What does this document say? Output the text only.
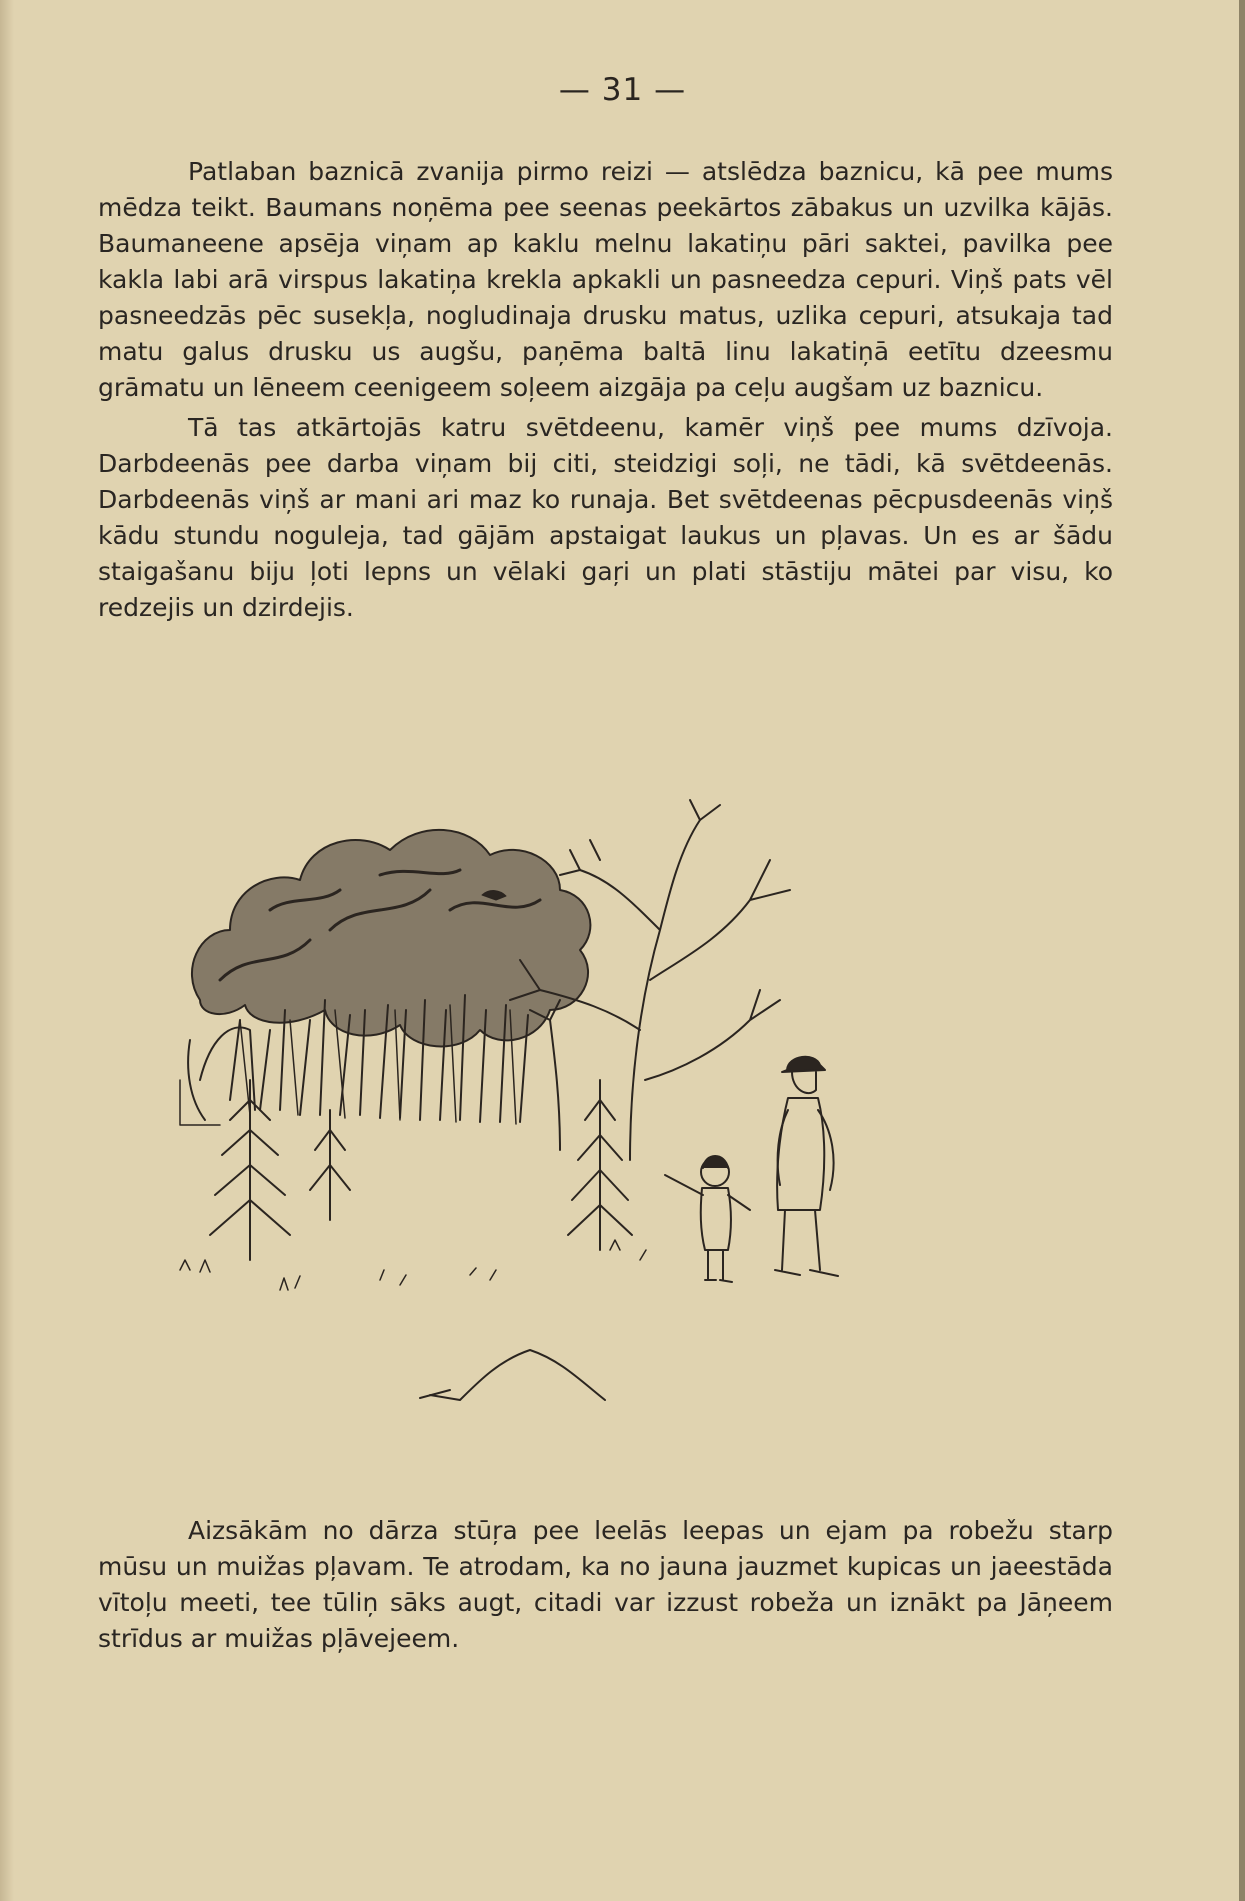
— 31 —

Patlaban baznicā zvanija pirmo reizi — atslēdza baznicu, kā pee mums mēdza teikt. Baumans noņēma pee seenas peekārtos zābakus un uzvilka kājās. Baumaneene apsēja viņam ap kaklu melnu lakatiņu pāri saktei, pavilka pee kakla labi arā virspus lakatiņa krekla apkakli un pasneedza cepuri. Viņš pats vēl pasneedzās pēc susekļa, nogludinaja drusku matus, uzlika cepuri, atsukaja tad matu galus drusku us augšu, paņēma baltā linu lakatiņā eetītu dzeesmu grāmatu un lēneem ceenigeem soļeem aizgāja pa ceļu augšam uz baznicu.

Tā tas atkārtojās katru svētdeenu, kamēr viņš pee mums dzīvoja. Darbdeenās pee darba viņam bij citi, steidzigi soļi, ne tādi, kā svētdeenās. Darbdeenās viņš ar mani ari maz ko runaja. Bet svētdeenas pēcpusdeenās viņš kādu stundu noguleja, tad gājām apstaigat laukus un pļavas. Un es ar šādu staigašanu biju ļoti lepns un vēlaki gaŗi un plati stāstiju mātei par visu, ko redzejis un dzirdejis.

Aizsākām no dārza stūŗa pee leelās leepas un ejam pa robežu starp mūsu un muižas pļavam. Te atrodam, ka no jauna jauzmet kupicas un jaeestāda vītoļu meeti, tee tūliņ sāks augt, citadi var izzust robeža un iznākt pa Jāņeem strīdus ar muižas pļāvejeem.
